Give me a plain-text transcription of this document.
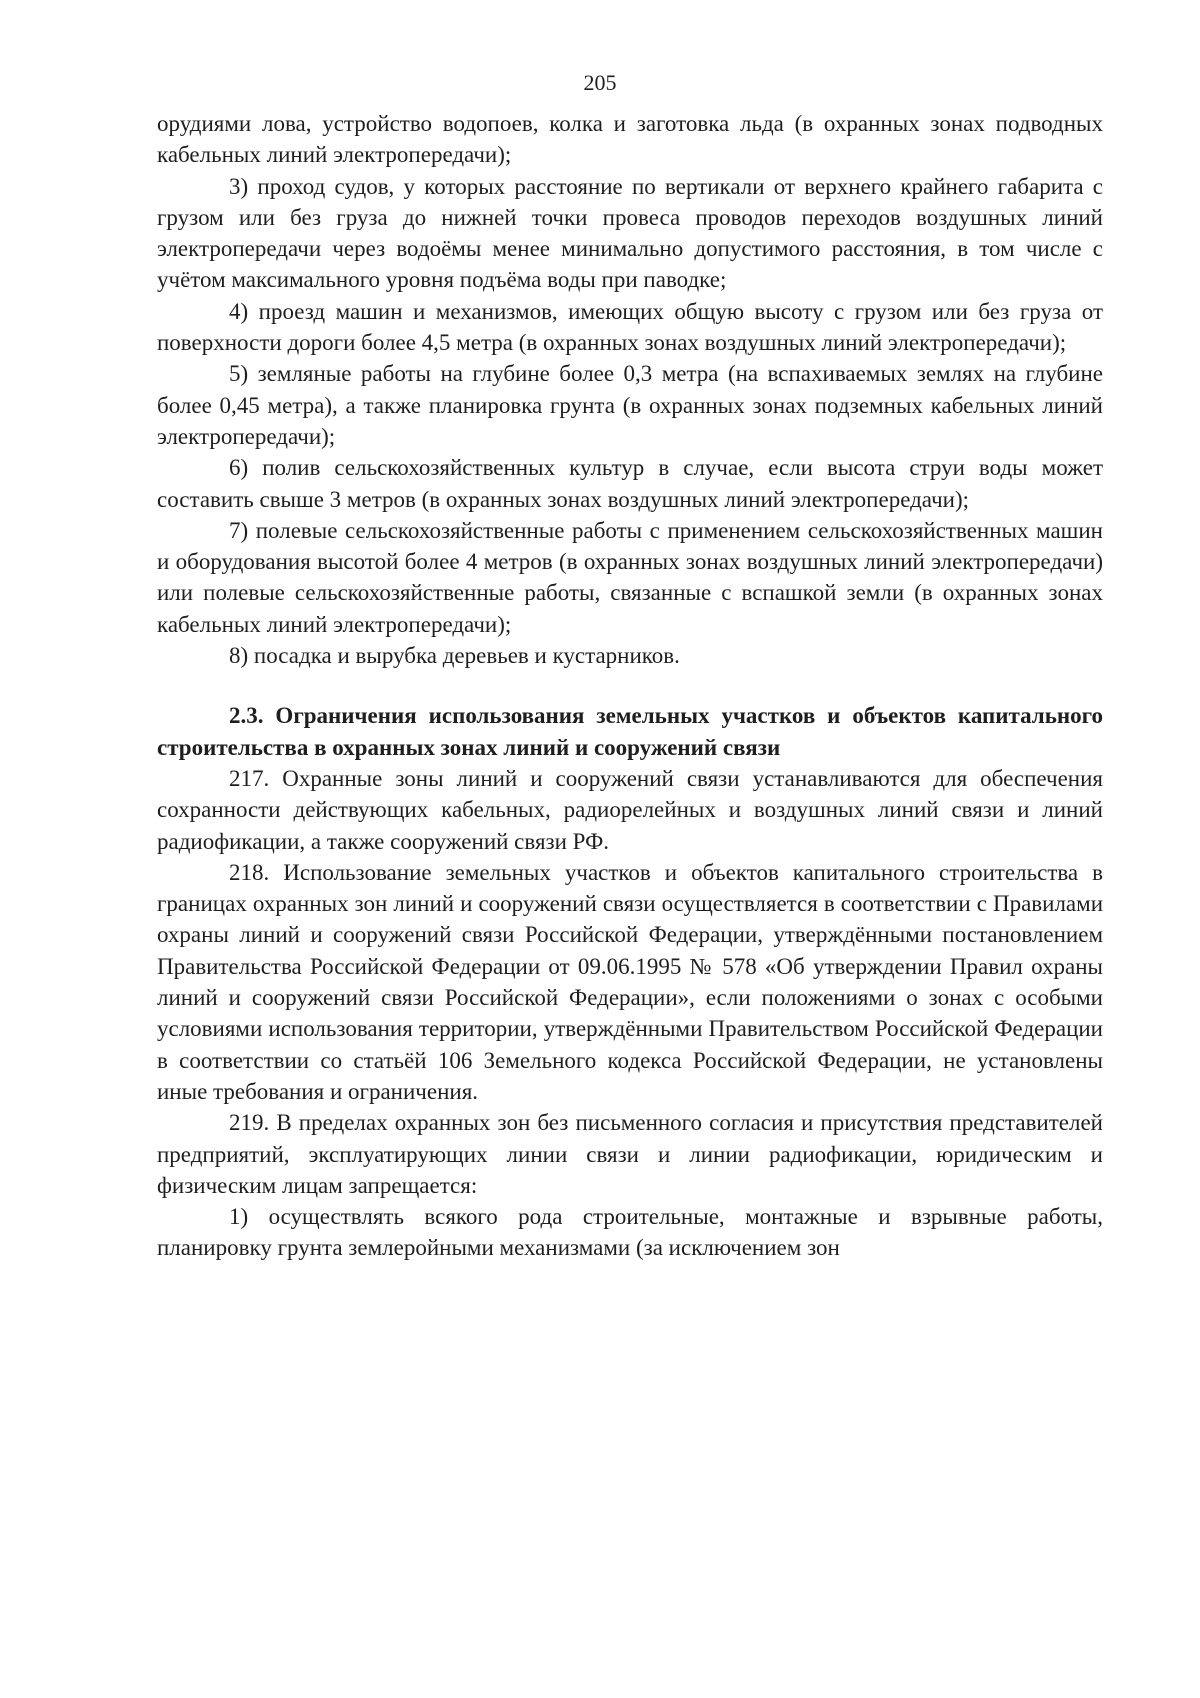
205

орудиями лова, устройство водопоев, колка и заготовка льда (в охранных зонах подводных кабельных линий электропередачи);

3) проход судов, у которых расстояние по вертикали от верхнего крайнего габарита с грузом или без груза до нижней точки провеса проводов переходов воздушных линий электропередачи через водоёмы менее минимально допустимого расстояния, в том числе с учётом максимального уровня подъёма воды при паводке;

4) проезд машин и механизмов, имеющих общую высоту с грузом или без груза от поверхности дороги более 4,5 метра (в охранных зонах воздушных линий электропередачи);

5) земляные работы на глубине более 0,3 метра (на вспахиваемых землях на глубине более 0,45 метра), а также планировка грунта (в охранных зонах подземных кабельных линий электропередачи);

6) полив сельскохозяйственных культур в случае, если высота струи воды может составить свыше 3 метров (в охранных зонах воздушных линий электропередачи);

7) полевые сельскохозяйственные работы с применением сельскохозяйственных машин и оборудования высотой более 4 метров (в охранных зонах воздушных линий электропередачи) или полевые сельскохозяйственные работы, связанные с вспашкой земли (в охранных зонах кабельных линий электропередачи);

8) посадка и вырубка деревьев и кустарников.

2.3. Ограничения использования земельных участков и объектов капитального строительства в охранных зонах линий и сооружений связи

217. Охранные зоны линий и сооружений связи устанавливаются для обеспечения сохранности действующих кабельных, радиорелейных и воздушных линий связи и линий радиофикации, а также сооружений связи РФ.

218. Использование земельных участков и объектов капитального строительства в границах охранных зон линий и сооружений связи осуществляется в соответствии с Правилами охраны линий и сооружений связи Российской Федерации, утверждёнными постановлением Правительства Российской Федерации от 09.06.1995 № 578 «Об утверждении Правил охраны линий и сооружений связи Российской Федерации», если положениями о зонах с особыми условиями использования территории, утверждёнными Правительством Российской Федерации в соответствии со статьёй 106 Земельного кодекса Российской Федерации, не установлены иные требования и ограничения.

219. В пределах охранных зон без письменного согласия и присутствия представителей предприятий, эксплуатирующих линии связи и линии радиофикации, юридическим и физическим лицам запрещается:

1) осуществлять всякого рода строительные, монтажные и взрывные работы, планировку грунта землеройными механизмами (за исключением зон
